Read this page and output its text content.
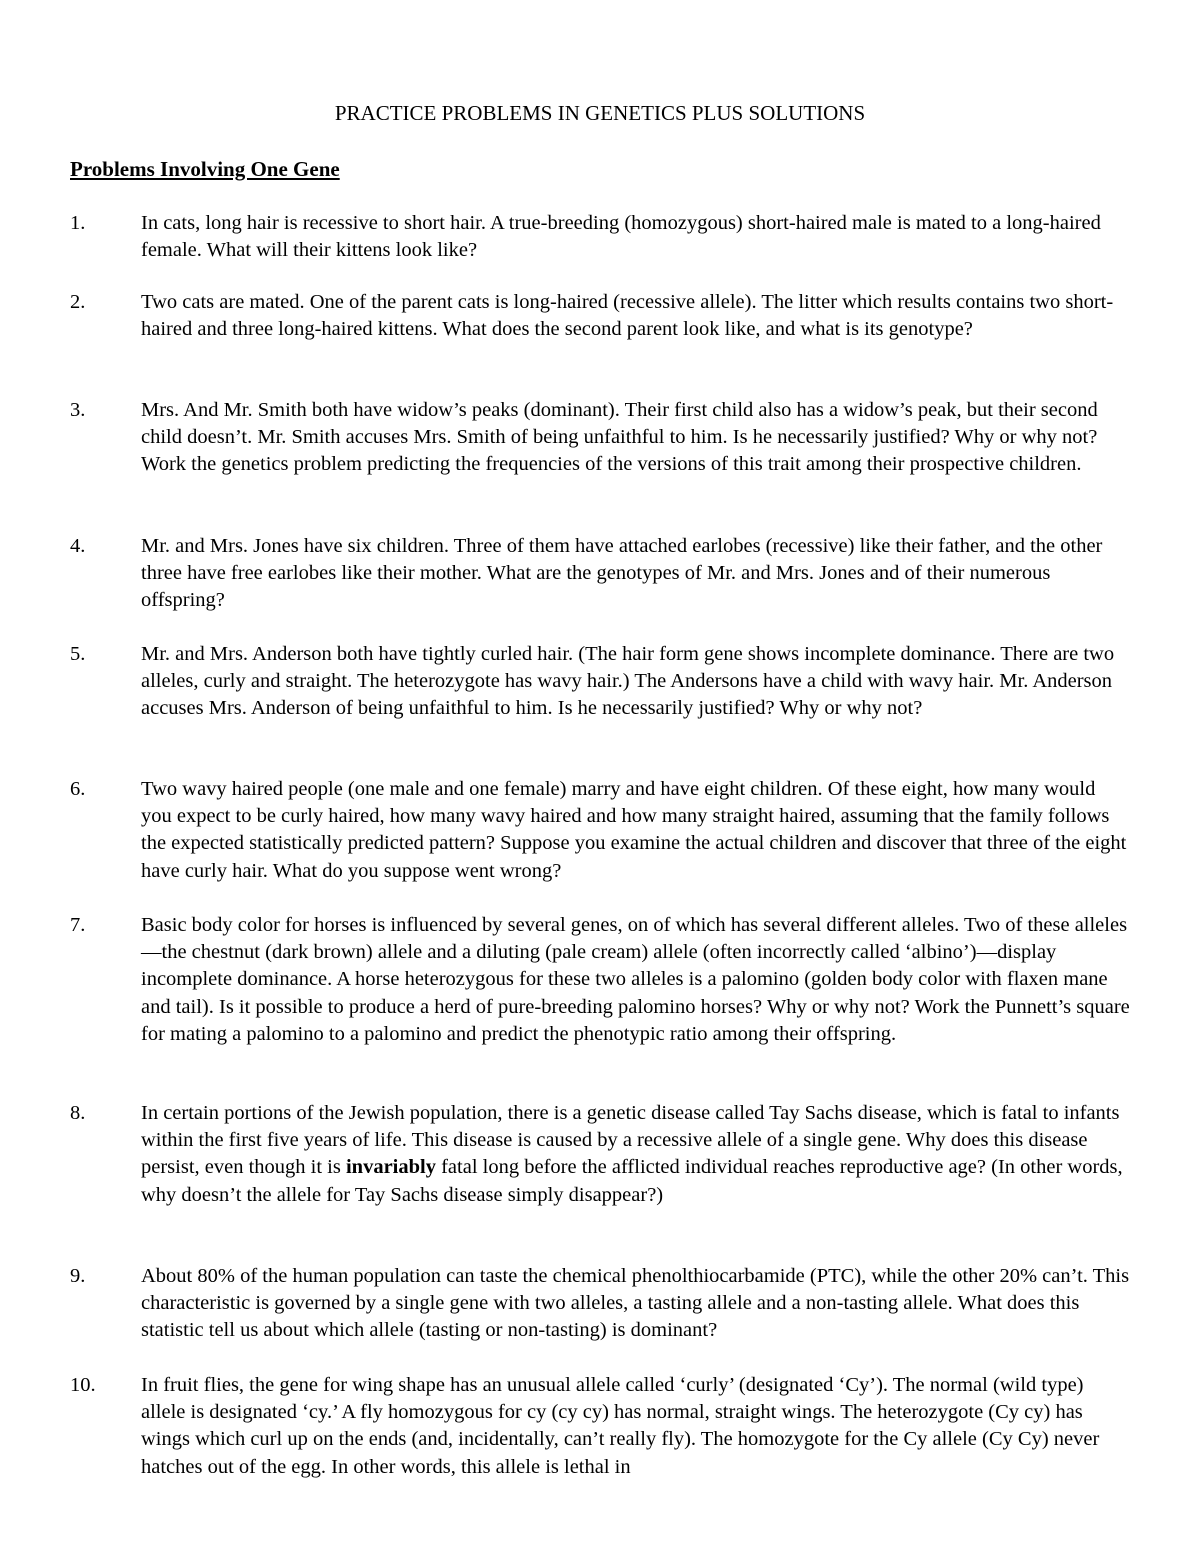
PRACTICE PROBLEMS IN GENETICS PLUS SOLUTIONS
Problems Involving One Gene
1.	In cats, long hair is recessive to short hair. A true-breeding (homozygous) short-haired male is mated to a long-haired female. What will their kittens look like?
2.	Two cats are mated. One of the parent cats is long-haired (recessive allele). The litter which results contains two short-haired and three long-haired kittens. What does the second parent look like, and what is its genotype?
3.	Mrs. And Mr. Smith both have widow’s peaks (dominant). Their first child also has a widow’s peak, but their second child doesn’t. Mr. Smith accuses Mrs. Smith of being unfaithful to him. Is he necessarily justified? Why or why not? Work the genetics problem predicting the frequencies of the versions of this trait among their prospective children.
4.	Mr. and Mrs. Jones have six children. Three of them have attached earlobes (recessive) like their father, and the other three have free earlobes like their mother. What are the genotypes of Mr. and Mrs. Jones and of their numerous offspring?
5.	Mr. and Mrs. Anderson both have tightly curled hair. (The hair form gene shows incomplete dominance. There are two alleles, curly and straight. The heterozygote has wavy hair.) The Andersons have a child with wavy hair. Mr. Anderson accuses Mrs. Anderson of being unfaithful to him. Is he necessarily justified? Why or why not?
6.	Two wavy haired people (one male and one female) marry and have eight children. Of these eight, how many would you expect to be curly haired, how many wavy haired and how many straight haired, assuming that the family follows the expected statistically predicted pattern? Suppose you examine the actual children and discover that three of the eight have curly hair. What do you suppose went wrong?
7.	Basic body color for horses is influenced by several genes, on of which has several different alleles. Two of these alleles—the chestnut (dark brown) allele and a diluting (pale cream) allele (often incorrectly called ‘albino’)—display incomplete dominance. A horse heterozygous for these two alleles is a palomino (golden body color with flaxen mane and tail). Is it possible to produce a herd of pure-breeding palomino horses? Why or why not? Work the Punnett’s square for mating a palomino to a palomino and predict the phenotypic ratio among their offspring.
8.	In certain portions of the Jewish population, there is a genetic disease called Tay Sachs disease, which is fatal to infants within the first five years of life. This disease is caused by a recessive allele of a single gene. Why does this disease persist, even though it is invariably fatal long before the afflicted individual reaches reproductive age? (In other words, why doesn’t the allele for Tay Sachs disease simply disappear?)
9.	About 80% of the human population can taste the chemical phenolthiocarbamide (PTC), while the other 20% can’t. This characteristic is governed by a single gene with two alleles, a tasting allele and a non-tasting allele. What does this statistic tell us about which allele (tasting or non-tasting) is dominant?
10. In fruit flies, the gene for wing shape has an unusual allele called ‘curly’ (designated ‘Cy’). The normal (wild type) allele is designated ‘cy.’ A fly homozygous for cy (cy cy) has normal, straight wings. The heterozygote (Cy cy) has wings which curl up on the ends (and, incidentally, can’t really fly). The homozygote for the Cy allele (Cy Cy) never hatches out of the egg. In other words, this allele is lethal in
